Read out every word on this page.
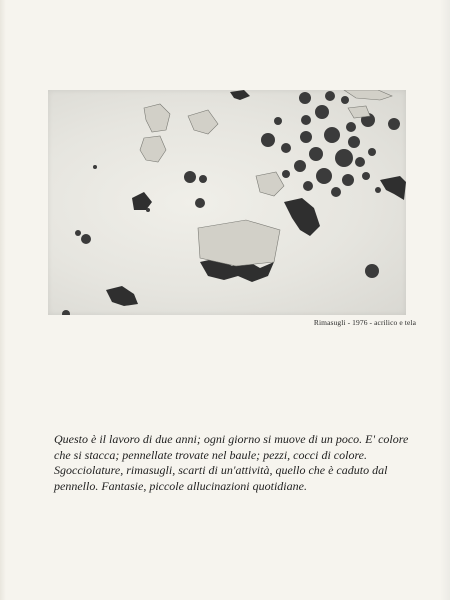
Rimasugli - 1976 - acrilico e tela

Questo è il lavoro di due anni; ogni giorno si muove di un poco. E' colore che si stacca; pennellate trovate nel baule; pezzi, cocci di colore.

Sgocciolature, rimasugli, scarti di un'attività, quello che è caduto dal pennello. Fantasie, piccole allucinazioni quotidiane.
